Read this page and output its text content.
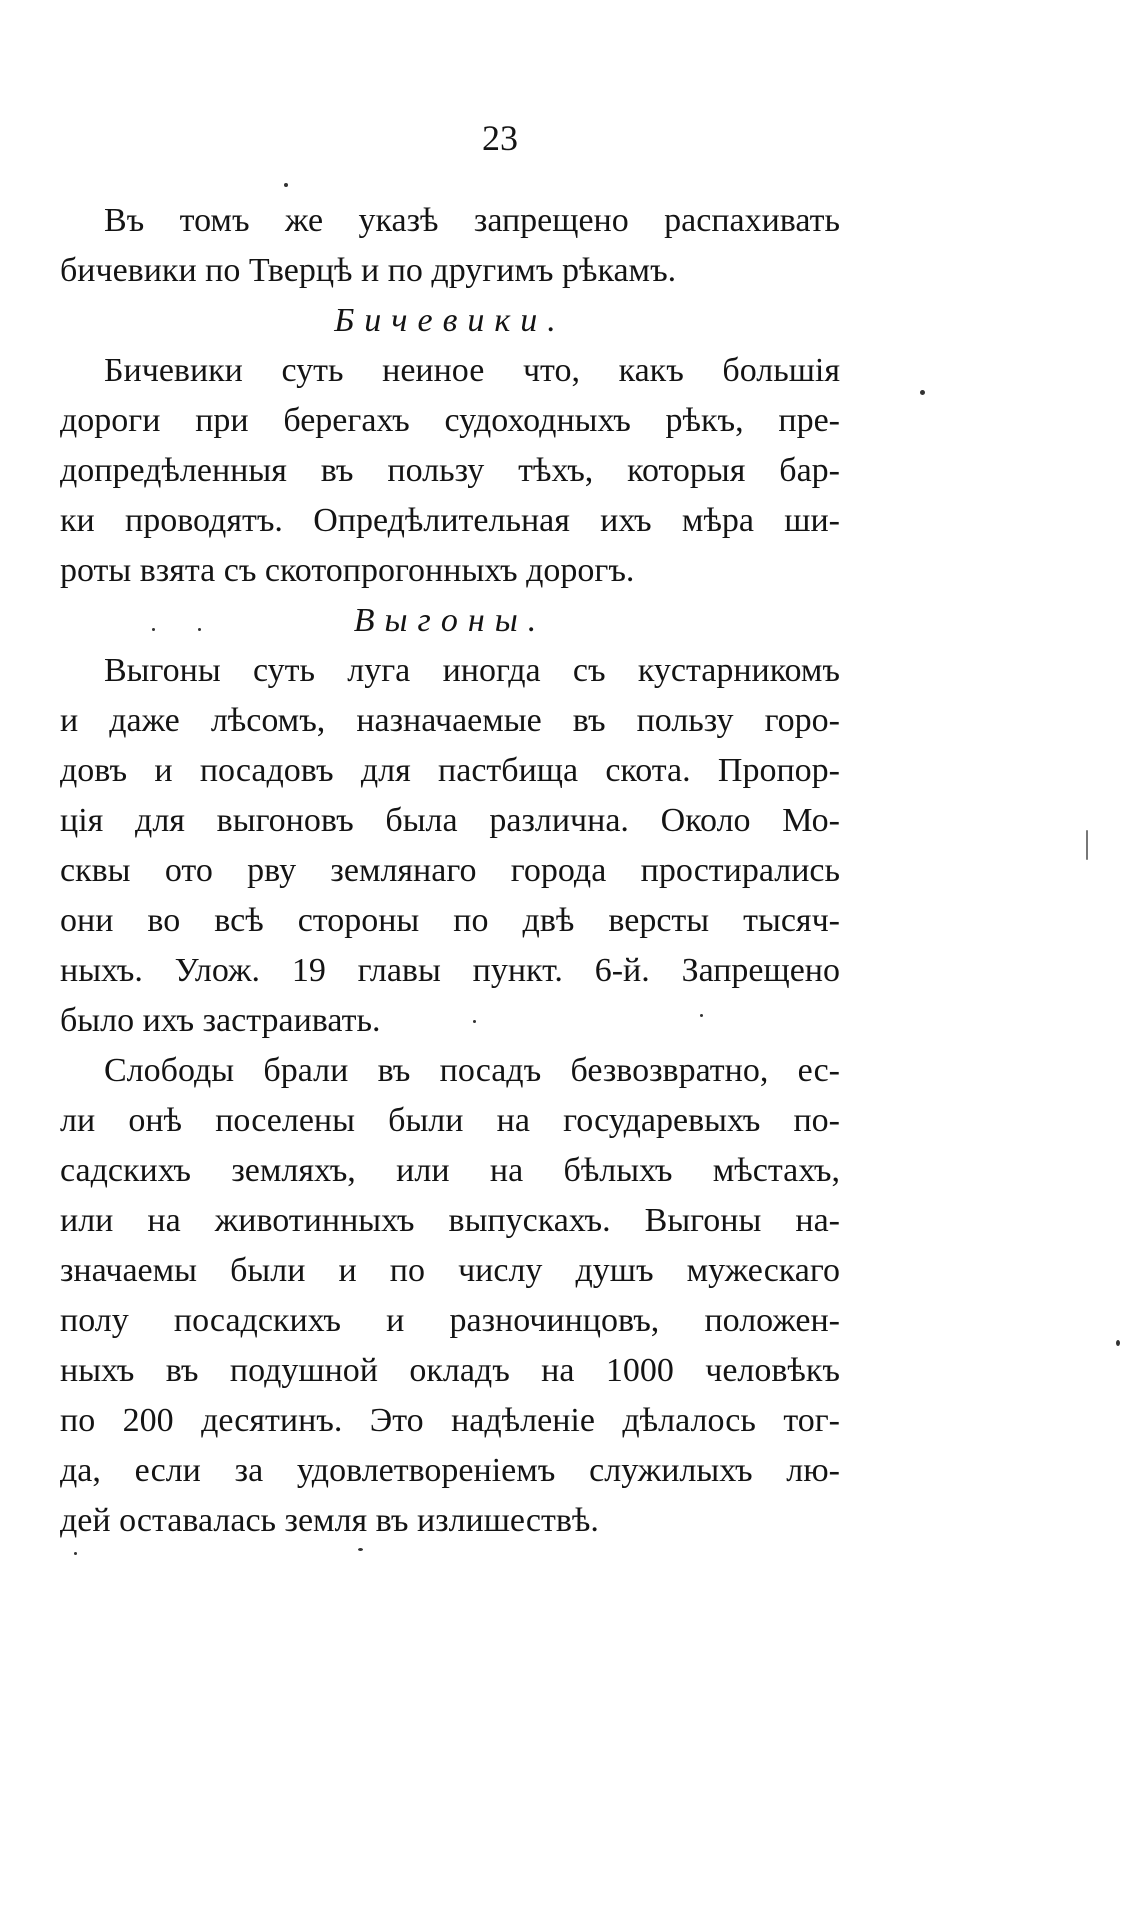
23
Въ томъ же указѣ запрещено распахивать
бичевики по Тверцѣ и по другимъ рѣкамъ.
Бичевики.
Бичевики суть неиное что, какъ большія
дороги при берегахъ судоходныхъ рѣкъ, пре-
допредѣленныя въ пользу тѣхъ, которыя бар-
ки проводятъ. Опредѣлительная ихъ мѣра ши-
роты взята съ скотопрогонныхъ дорогъ.
Выгоны.
Выгоны суть луга иногда съ кустарникомъ
и даже лѣсомъ, назначаемые въ пользу горо-
довъ и посадовъ для пастбища скота. Пропор-
ція для выгоновъ была различна. Около Мо-
сквы ото рву землянаго города простирались
они во всѣ стороны по двѣ версты тысяч-
ныхъ. Улож. 19 главы пункт. 6-й. Запрещено
было ихъ застраивать.
Слободы брали въ посадъ безвозвратно, ес-
ли онѣ поселены были на государевыхъ по-
садскихъ земляхъ, или на бѣлыхъ мѣстахъ,
или на животинныхъ выпускахъ. Выгоны на-
значаемы были и по числу душъ мужескаго
полу посадскихъ и разночинцовъ, положен-
ныхъ въ подушной окладъ на 1000 человѣкъ
по 200 десятинъ. Это надѣленіе дѣлалось тог-
да, если за удовлетвореніемъ служилыхъ лю-
дей оставалась земля въ излишествѣ.
